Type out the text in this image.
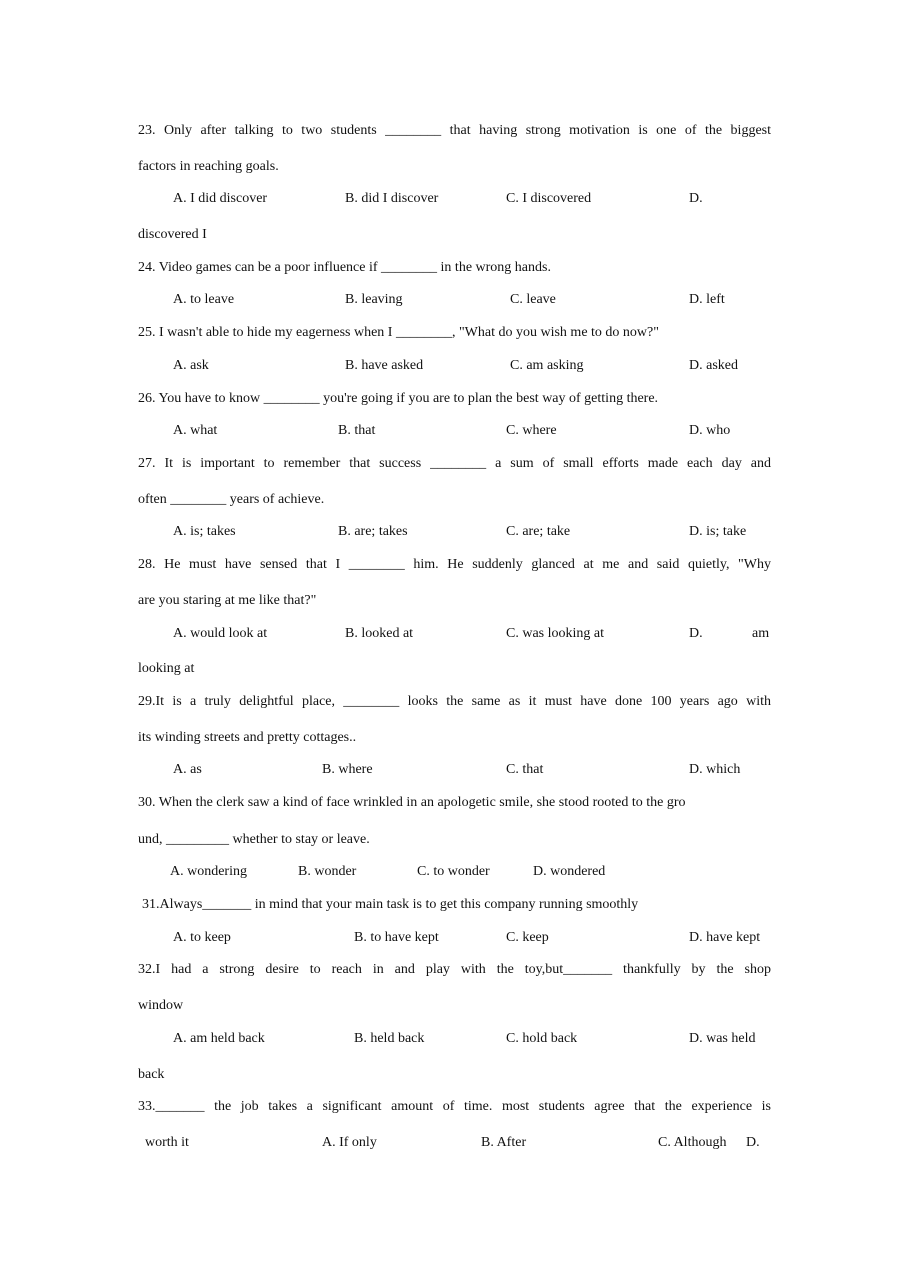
23. Only after talking to two students ________ that having strong motivation is one of the biggest
factors in reaching goals.
A. I did discover	B. did I discover	C. I discovered	D.
discovered I
24. Video games can be a poor influence if ________ in the wrong hands.
A. to leave	B. leaving	C. leave	D. left
25. I wasn't able to hide my eagerness when I ________, "What do you wish me to do now?"
A. ask	B. have asked	C. am asking	D. asked
26. You have to know ________ you're going if you are to plan the best way of getting there.
A. what	B. that	C. where	D. who
27. It is important to remember that success ________ a sum of small efforts made each day and
often ________ years of achieve.
A. is; takes	B. are; takes	C. are; take	D. is; take
28. He must have sensed that I ________ him. He suddenly glanced at me and said quietly, "Why
are you staring at me like that?"
A. would look at	B. looked at	C. was looking at	D.	am
looking at
29.It is a truly delightful place, ________ looks the same as it must have done 100 years ago with
its winding streets and pretty cottages..
A. as	B. where	C. that	D. which
30. When the clerk saw a kind of face wrinkled in an apologetic smile, she stood rooted to the gro
und, _________ whether to stay or leave.
A. wondering	B. wonder	C. to wonder	D. wondered
31.Always_______ in mind that your main task is to get this company running smoothly
A. to keep	B. to have kept	C. keep	D. have kept
32.I had a strong desire to reach in and play with the toy,but_______ thankfully by the shop
window
A. am held back	B. held back	C. hold back	D. was held
back
33._______ the job takes a significant amount of time. most students agree that the experience is
worth it	A. If only	B. After	C. Although D.
